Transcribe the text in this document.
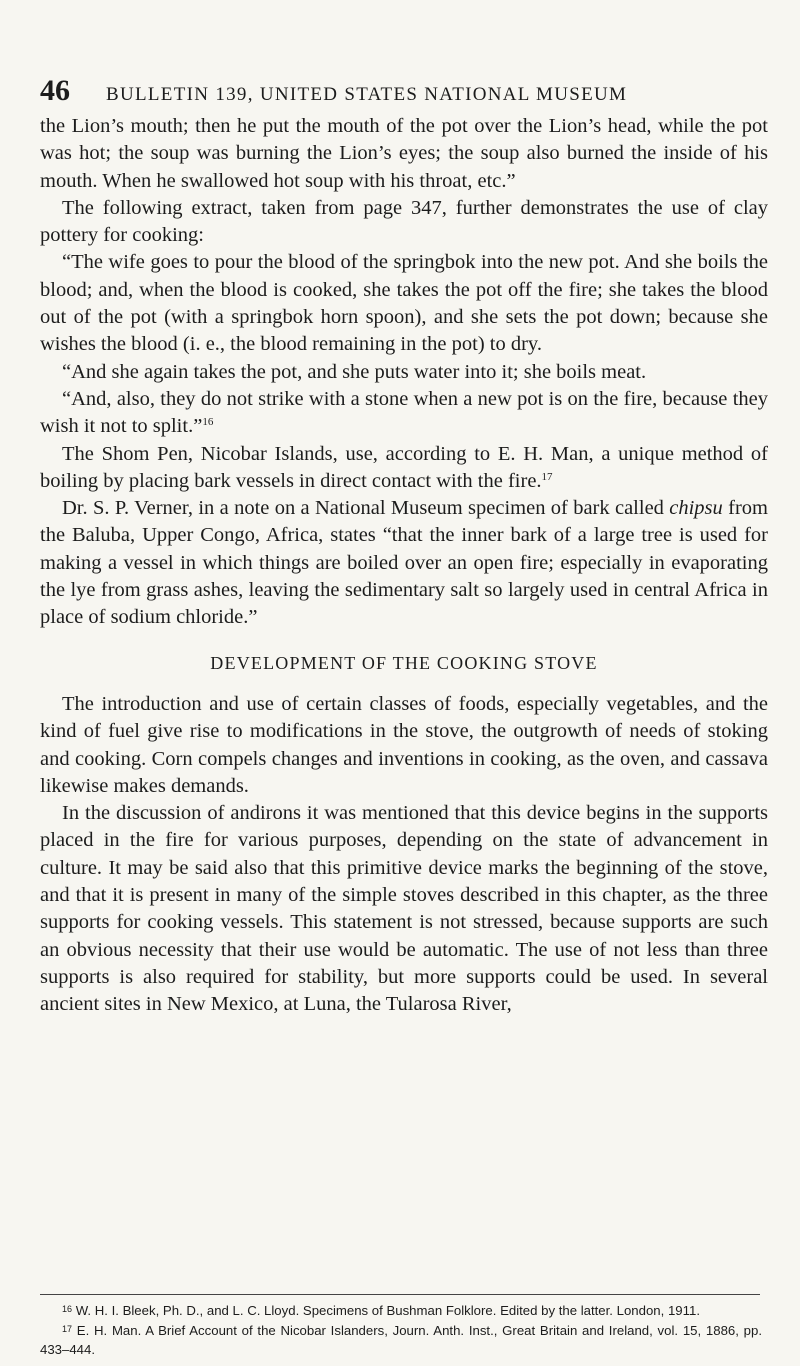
46 BULLETIN 139, UNITED STATES NATIONAL MUSEUM

the Lion’s mouth; then he put the mouth of the pot over the Lion’s head, while the pot was hot; the soup was burning the Lion’s eyes; the soup also burned the inside of his mouth. When he swallowed hot soup with his throat, etc.”

The following extract, taken from page 347, further demonstrates the use of clay pottery for cooking:

“The wife goes to pour the blood of the springbok into the new pot. And she boils the blood; and, when the blood is cooked, she takes the pot off the fire; she takes the blood out of the pot (with a springbok horn spoon), and she sets the pot down; because she wishes the blood (i. e., the blood remaining in the pot) to dry.

“And she again takes the pot, and she puts water into it; she boils meat.

“And, also, they do not strike with a stone when a new pot is on the fire, because they wish it not to split.”$^{16}$

The Shom Pen, Nicobar Islands, use, according to E. H. Man, a unique method of boiling by placing bark vessels in direct contact with the fire.$^{17}$

Dr. S. P. Verner, in a note on a National Museum specimen of bark called chipsu from the Baluba, Upper Congo, Africa, states “that the inner bark of a large tree is used for making a vessel in which things are boiled over an open fire; especially in evaporating the lye from grass ashes, leaving the sedimentary salt so largely used in central Africa in place of sodium chloride.”

DEVELOPMENT OF THE COOKING STOVE

The introduction and use of certain classes of foods, especially vegetables, and the kind of fuel give rise to modifications in the stove, the outgrowth of needs of stoking and cooking. Corn compels changes and inventions in cooking, as the oven, and cassava likewise makes demands.

In the discussion of andirons it was mentioned that this device begins in the supports placed in the fire for various purposes, depending on the state of advancement in culture. It may be said also that this primitive device marks the beginning of the stove, and that it is present in many of the simple stoves described in this chapter, as the three supports for cooking vessels. This statement is not stressed, because supports are such an obvious necessity that their use would be automatic. The use of not less than three supports is also required for stability, but more supports could be used. In several ancient sites in New Mexico, at Luna, the Tularosa River,

$^{16}$ W. H. I. Bleek, Ph. D., and L. C. Lloyd. Specimens of Bushman Folklore. Edited by the latter. London, 1911.

$^{17}$ E. H. Man. A Brief Account of the Nicobar Islanders, Journ. Anth. Inst., Great Britain and Ireland, vol. 15, 1886, pp. 433–444.
